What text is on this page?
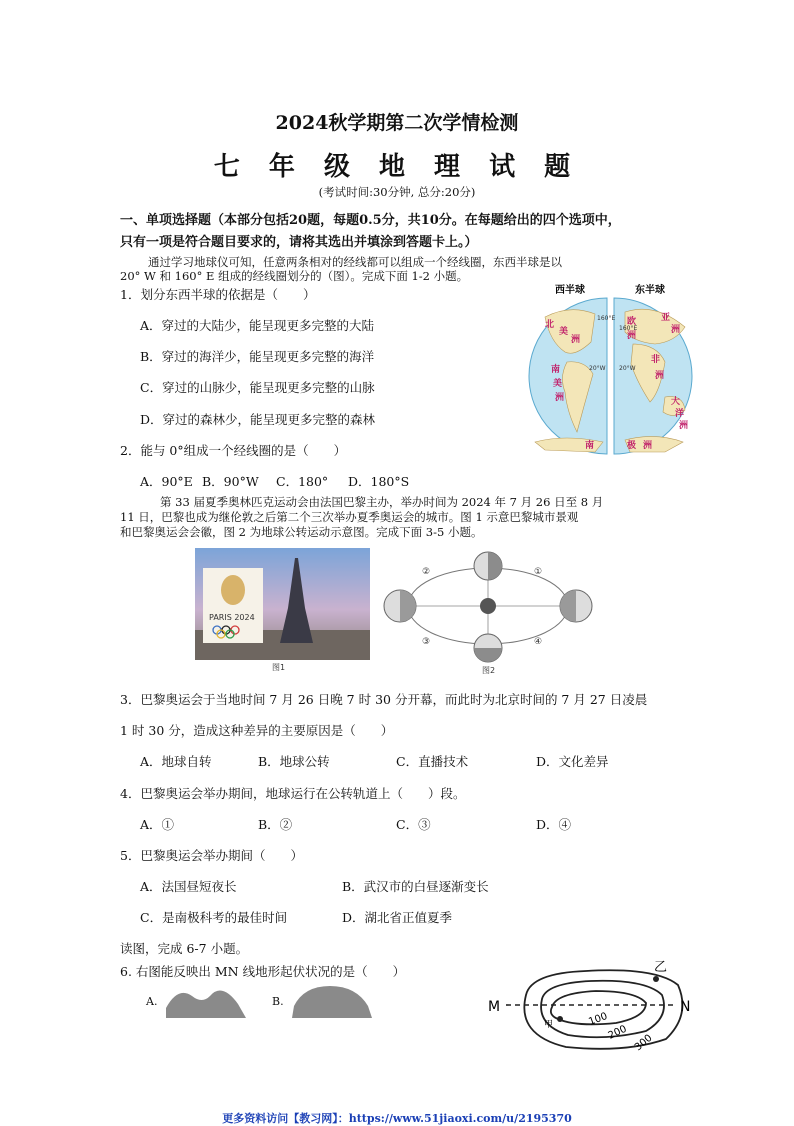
2024秋学期第二次学情检测
七 年 级 地 理 试 题
(考试时间:30分钟, 总分:20分)
一、单项选择题（本部分包括20题，每题0.5分，共10分。在每题给出的四个选项中，
只有一项是符合题目要求的，请将其选出并填涂到答题卡上。）
通过学习地球仪可知，任意两条相对的经线都可以组成一个经线圈，东西半球是以
20° W 和 160° E 组成的经线圈划分的（图）。完成下面 1-2 小题。
西半球	东半球
160°E
160°E
20°W 20°W
北
美
洲
南
美
洲
欧
洲
亚
洲
非
洲
大
洋
洲
南	极 洲
1．划分东西半球的依据是（　　）
A．穿过的大陆少，能呈现更多完整的大陆
B．穿过的海洋少，能呈现更多完整的海洋
C．穿过的山脉少，能呈现更多完整的山脉
D．穿过的森林少，能呈现更多完整的森林
2．能与 0°组成一个经线圈的是（　　）
A．90°E B．90°W C．180° D．180°S
第 33 届夏季奥林匹克运动会由法国巴黎主办，举办时间为 2024 年 7 月 26 日至 8 月
11 日，巴黎也成为继伦敦之后第二个三次举办夏季奥运会的城市。图 1 示意巴黎城市景观
和巴黎奥运会会徽，图 2 为地球公转运动示意图。完成下面 3-5 小题。
PARIS 2024
图1
②	①
③	④
图2
3．巴黎奥运会于当地时间 7 月 26 日晚 7 时 30 分开幕，而此时为北京时间的 7 月 27 日凌晨
1 时 30 分，造成这种差异的主要原因是（　　）
A．地球自转	B．地球公转	C．直播技术	D．文化差异
4．巴黎奥运会举办期间，地球运行在公转轨道上（　　）段。
A．①	B．②	C．③	D．④
5．巴黎奥运会举办期间（　　）
A．法国昼短夜长	B．武汉市的白昼逐渐变长
C．是南极科考的最佳时间	D．湖北省正值夏季
读图，完成 6-7 小题。
6. 右图能反映出 MN 线地形起伏状况的是（　　）
A.	B.	M	N
乙
甲	100
200 300
更多资料访问【教习网】：https://www.51jiaoxi.com/u/2195370
